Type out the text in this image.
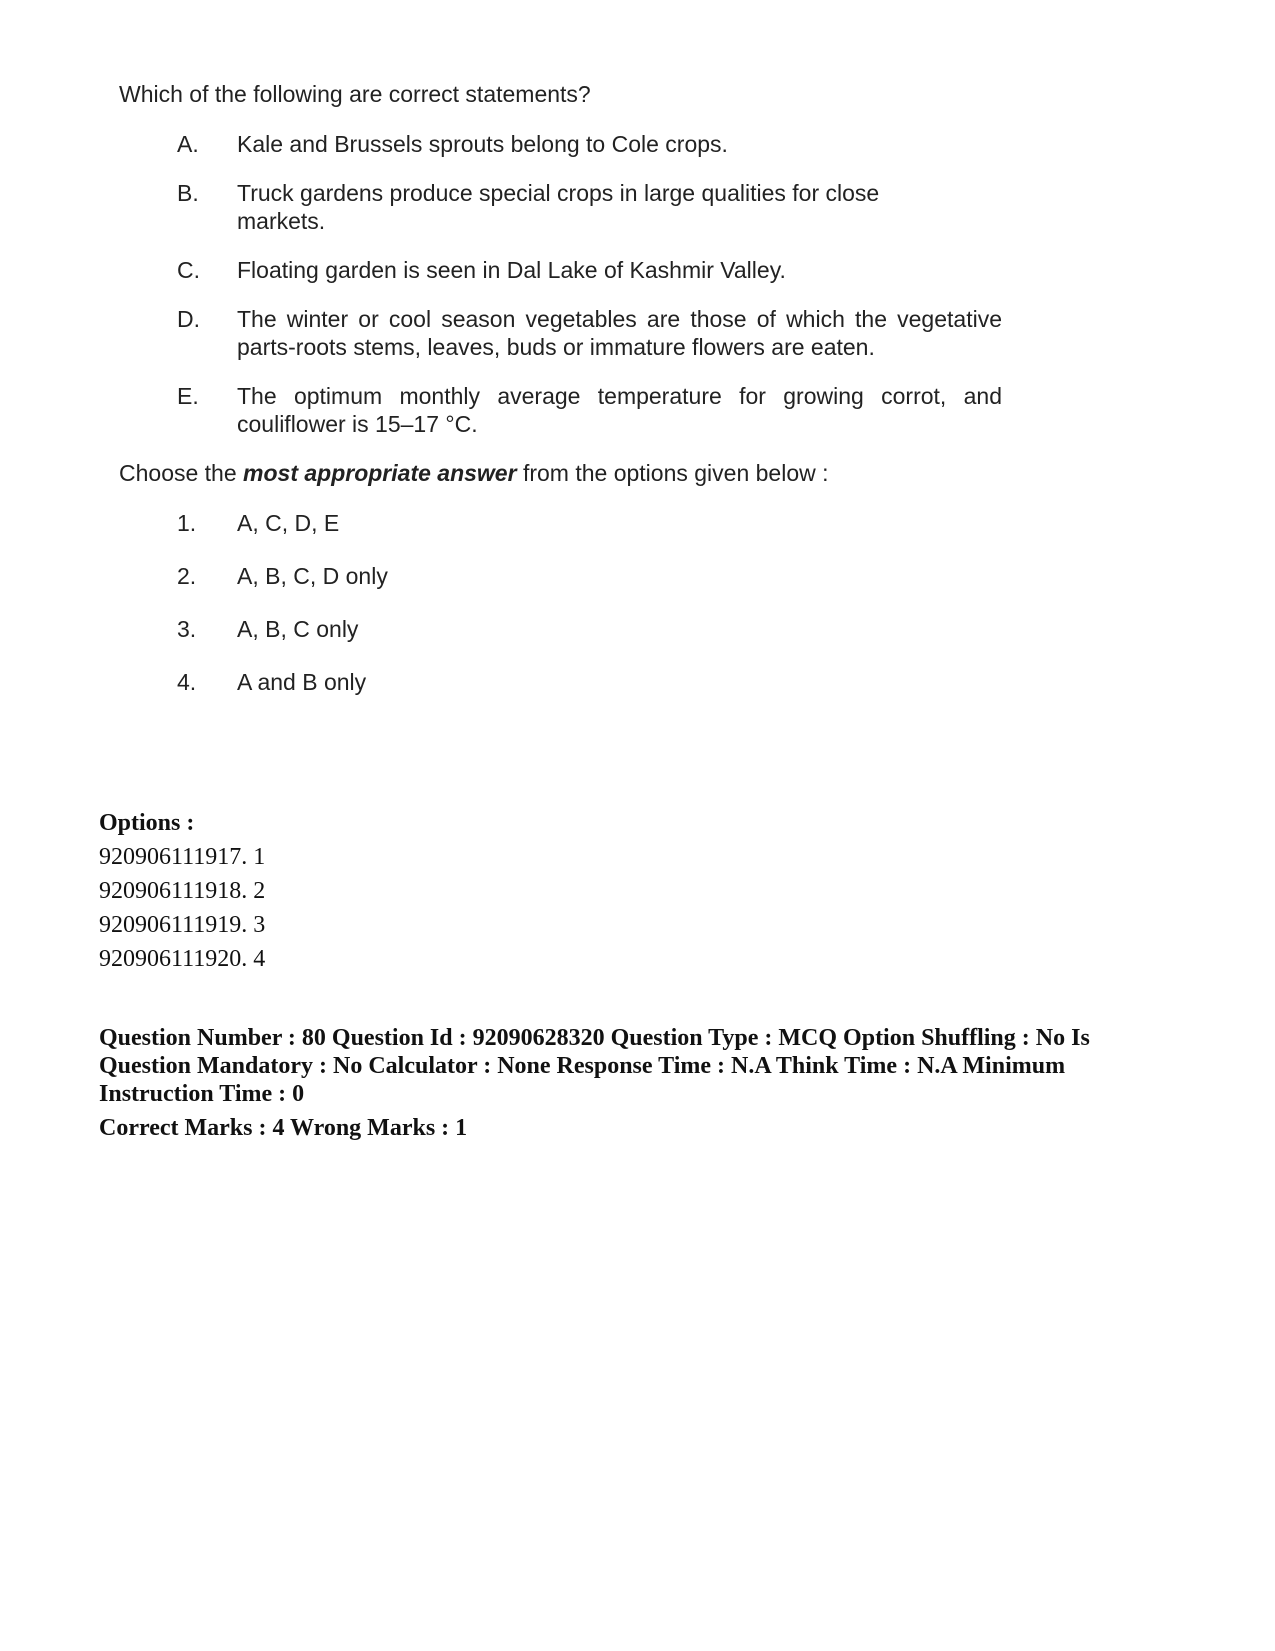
Which of the following are correct statements?
A.	Kale and Brussels sprouts belong to Cole crops.
B.	Truck gardens produce special crops in large qualities for close markets.
C.	Floating garden is seen in Dal Lake of Kashmir Valley.
D.	The winter or cool season vegetables are those of which the vegetative parts-roots stems, leaves, buds or immature flowers are eaten.
E.	The optimum monthly average temperature for growing corrot, and couliflower is 15–17 °C.
Choose the most appropriate answer from the options given below :
1.	A, C, D, E
2.	A, B, C, D only
3.	A, B, C only
4.	A and B only
Options :
920906111917. 1
920906111918. 2
920906111919. 3
920906111920. 4
Question Number : 80 Question Id : 92090628320 Question Type : MCQ Option Shuffling : No Is Question Mandatory : No Calculator : None Response Time : N.A Think Time : N.A Minimum Instruction Time : 0
Correct Marks : 4 Wrong Marks : 1
